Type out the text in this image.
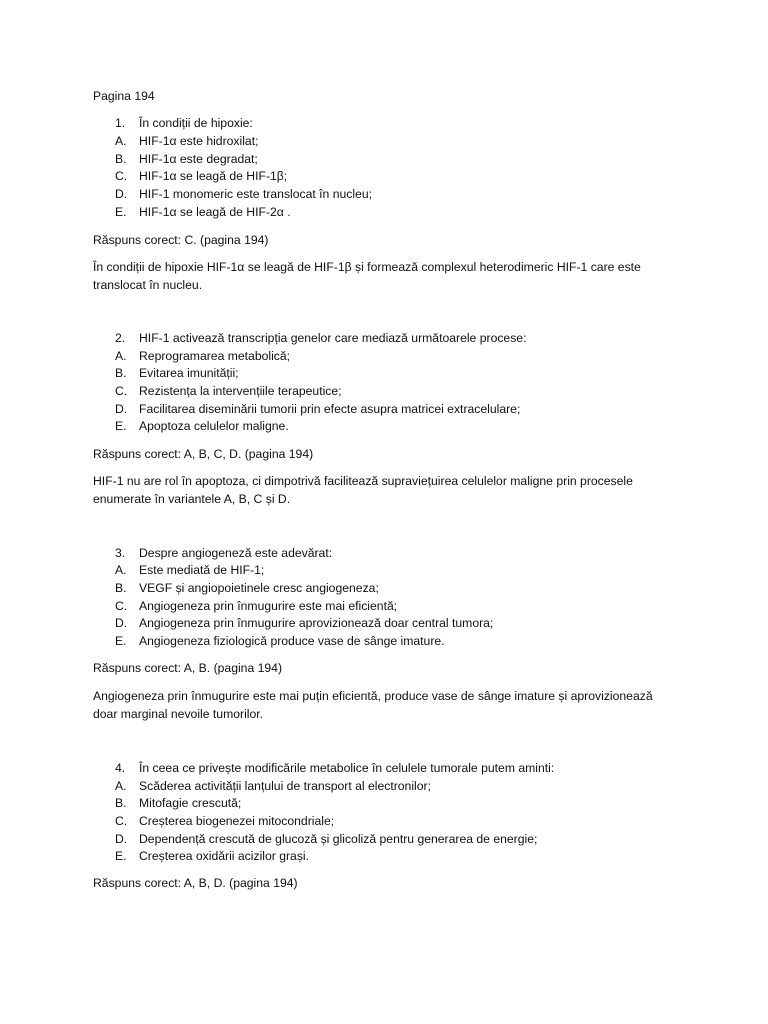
Pagina 194
1. În condiții de hipoxie:
A. HIF-1α este hidroxilat;
B. HIF-1α este degradat;
C. HIF-1α se leagă de HIF-1β;
D. HIF-1 monomeric este translocat în nucleu;
E. HIF-1α se leagă de HIF-2α .
Răspuns corect: C. (pagina 194)
În condiții de hipoxie HIF-1α se leagă de HIF-1β și formează complexul heterodimeric HIF-1 care este translocat în nucleu.
2. HIF-1 activează transcripția genelor care mediază următoarele procese:
A. Reprogramarea metabolică;
B. Evitarea imunității;
C. Rezistența la intervențiile terapeutice;
D. Facilitarea diseminării tumorii prin efecte asupra matricei extracelulare;
E. Apoptoza celulelor maligne.
Răspuns corect: A, B, C, D. (pagina 194)
HIF-1 nu are rol în apoptoza, ci dimpotrivă facilitează supraviețuirea celulelor maligne prin procesele enumerate în variantele A, B, C și D.
3. Despre angiogeneză este adevărat:
A. Este mediată de HIF-1;
B. VEGF și angiopoietinele cresc angiogeneza;
C. Angiogeneza prin înmugurire este mai eficientă;
D. Angiogeneza prin înmugurire aprovizionează doar central tumora;
E. Angiogeneza fiziologică produce vase de sânge imature.
Răspuns corect: A, B. (pagina 194)
Angiogeneza prin înmugurire este mai puțin eficientă, produce vase de sânge imature și aprovizionează doar marginal nevoile tumorilor.
4. În ceea ce privește modificările metabolice în celulele tumorale putem aminti:
A. Scăderea activității lanțului de transport al electronilor;
B. Mitofagie crescută;
C. Creșterea biogenezei mitocondriale;
D. Dependență crescută de glucoză și glicoliză pentru generarea de energie;
E. Creșterea oxidării acizilor grași.
Răspuns corect: A, B, D. (pagina 194)
